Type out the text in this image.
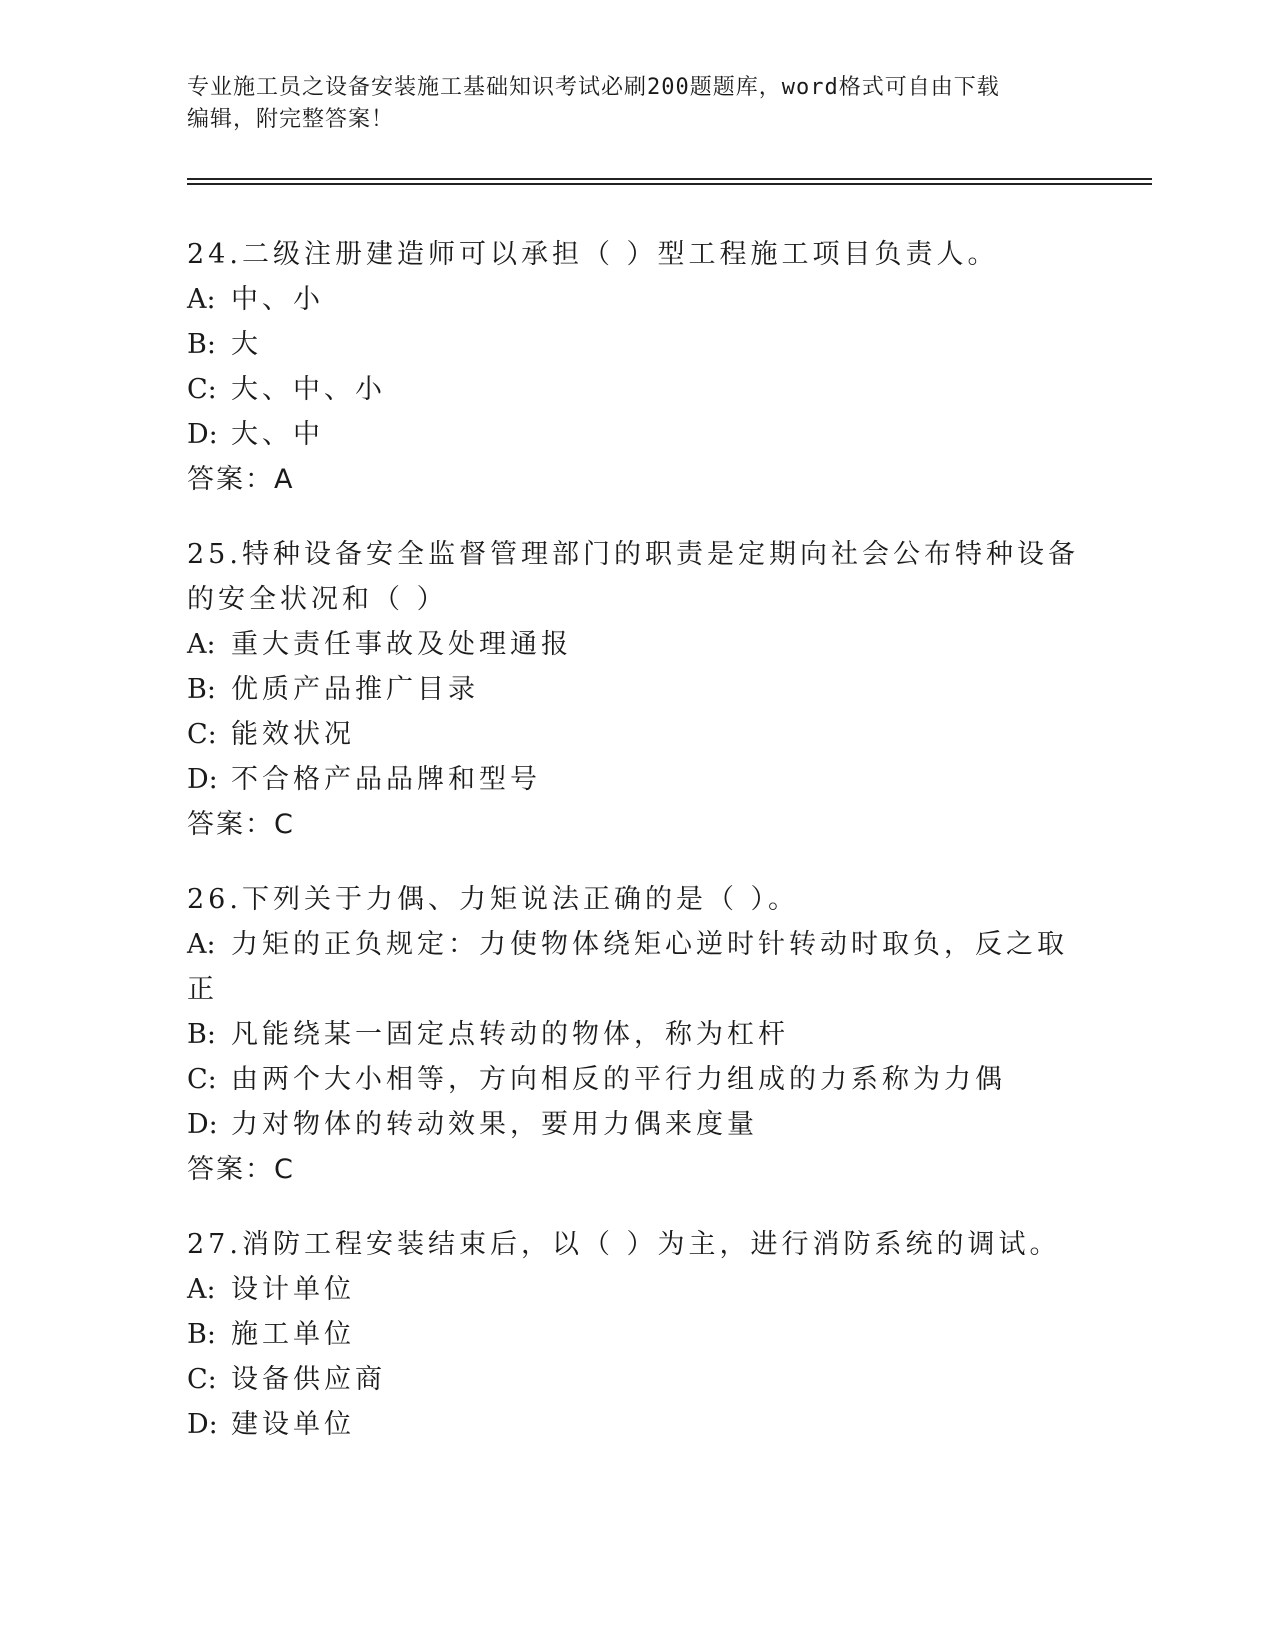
专业施工员之设备安装施工基础知识考试必刷200题题库，word格式可自由下载
编辑，附完整答案！
24.二级注册建造师可以承担（ ）型工程施工项目负责人。
A: 中、小
B: 大
C: 大、中、小
D: 大、中
答案：A
25.特种设备安全监督管理部门的职责是定期向社会公布特种设备的安全状况和（ ）
A: 重大责任事故及处理通报
B: 优质产品推广目录
C: 能效状况
D: 不合格产品品牌和型号
答案：C
26.下列关于力偶、力矩说法正确的是（ ）。
A: 力矩的正负规定：力使物体绕矩心逆时针转动时取负，反之取正
B: 凡能绕某一固定点转动的物体，称为杠杆
C: 由两个大小相等，方向相反的平行力组成的力系称为力偶
D: 力对物体的转动效果，要用力偶来度量
答案：C
27.消防工程安装结束后，以（ ）为主，进行消防系统的调试。
A: 设计单位
B: 施工单位
C: 设备供应商
D: 建设单位
